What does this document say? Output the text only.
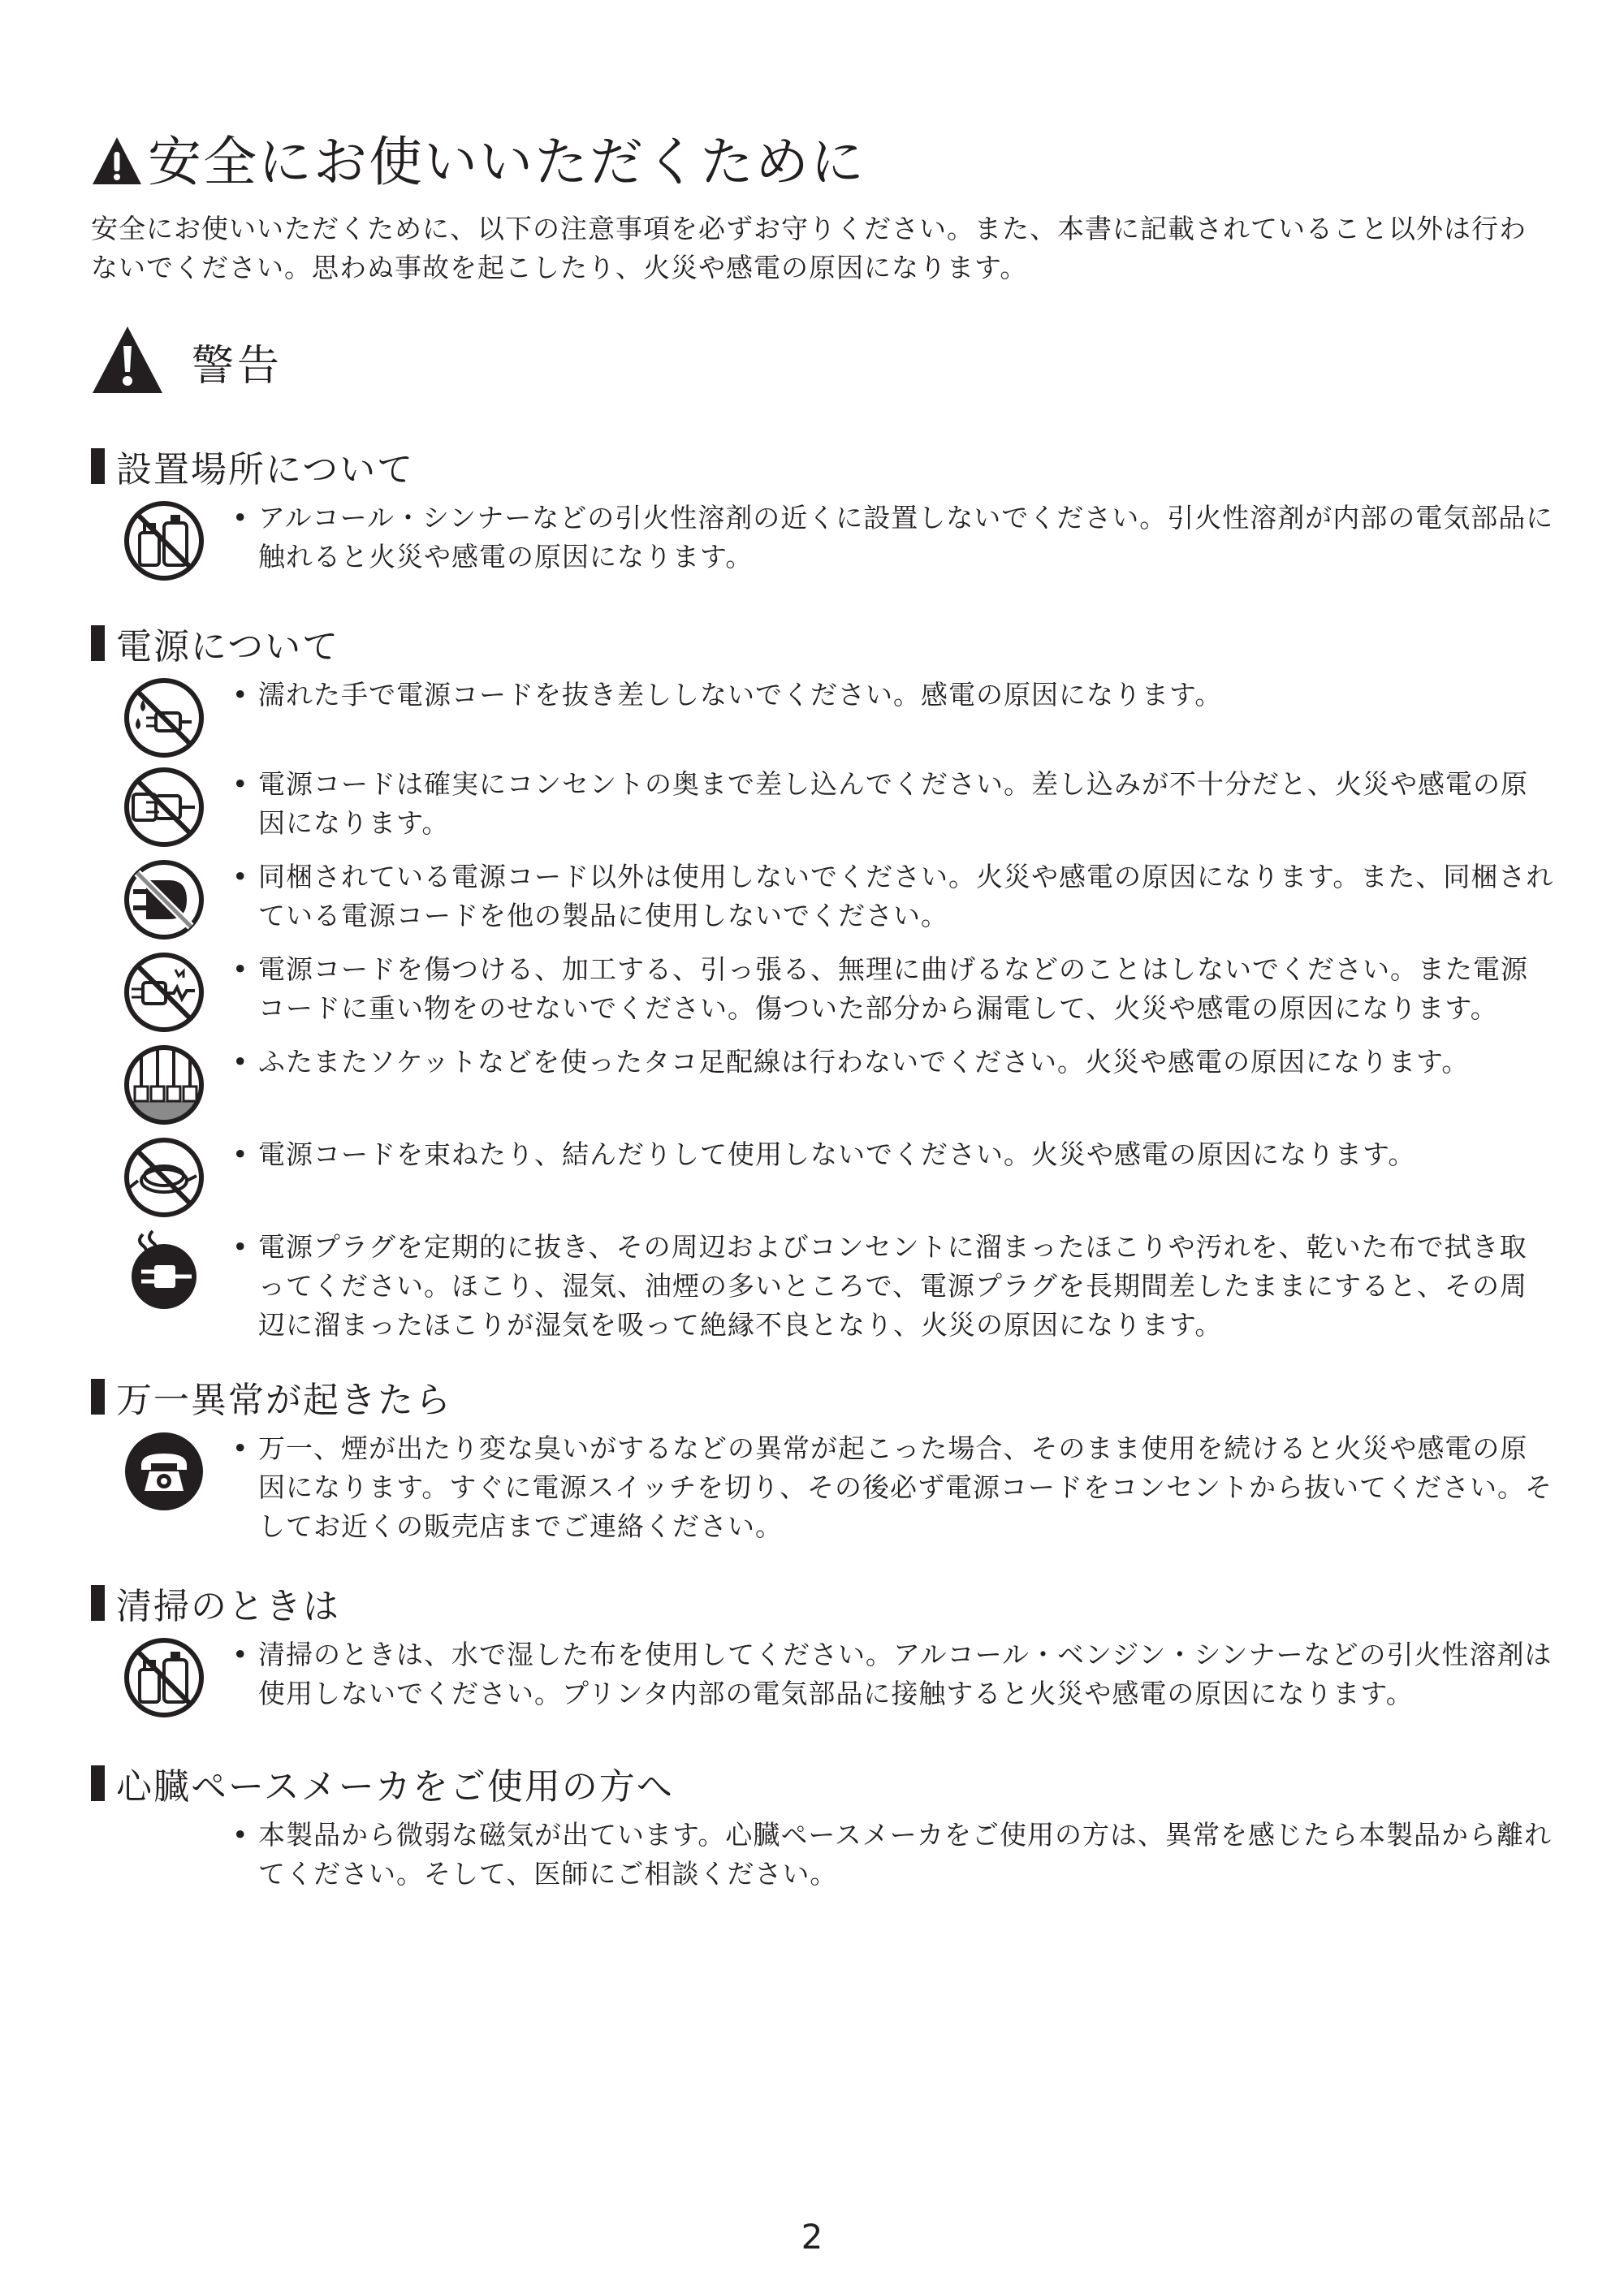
安全にお使いいただくために
安全にお使いいただくために、以下の注意事項を必ずお守りください。また、本書に記載されていること以外は行わないでください。思わぬ事故を起こしたり、火災や感電の原因になります。
警告
設置場所について
• アルコール・シンナーなどの引火性溶剤の近くに設置しないでください。引火性溶剤が内部の電気部品に触れると火災や感電の原因になります。
電源について
• 濡れた手で電源コードを抜き差ししないでください。感電の原因になります。
• 電源コードは確実にコンセントの奥まで差し込んでください。差し込みが不十分だと、火災や感電の原因になります。
• 同梱されている電源コード以外は使用しないでください。火災や感電の原因になります。また、同梱されている電源コードを他の製品に使用しないでください。
• 電源コードを傷つける、加工する、引っ張る、無理に曲げるなどのことはしないでください。また電源コードに重い物をのせないでください。傷ついた部分から漏電して、火災や感電の原因になります。
• ふたまたソケットなどを使ったタコ足配線は行わないでください。火災や感電の原因になります。
• 電源コードを束ねたり、結んだりして使用しないでください。火災や感電の原因になります。
• 電源プラグを定期的に抜き、その周辺およびコンセントに溜まったほこりや汚れを、乾いた布で拭き取ってください。ほこり、湿気、油煙の多いところで、電源プラグを長期間差したままにすると、その周辺に溜まったほこりが湿気を吸って絶縁不良となり、火災の原因になります。
万一異常が起きたら
• 万一、煙が出たり変な臭いがするなどの異常が起こった場合、そのまま使用を続けると火災や感電の原因になります。すぐに電源スイッチを切り、その後必ず電源コードをコンセントから抜いてください。そしてお近くの販売店までご連絡ください。
清掃のときは
• 清掃のときは、水で湿した布を使用してください。アルコール・ベンジン・シンナーなどの引火性溶剤は使用しないでください。プリンタ内部の電気部品に接触すると火災や感電の原因になります。
心臓ペースメーカをご使用の方へ
• 本製品から微弱な磁気が出ています。心臓ペースメーカをご使用の方は、異常を感じたら本製品から離れてください。そして、医師にご相談ください。
2
